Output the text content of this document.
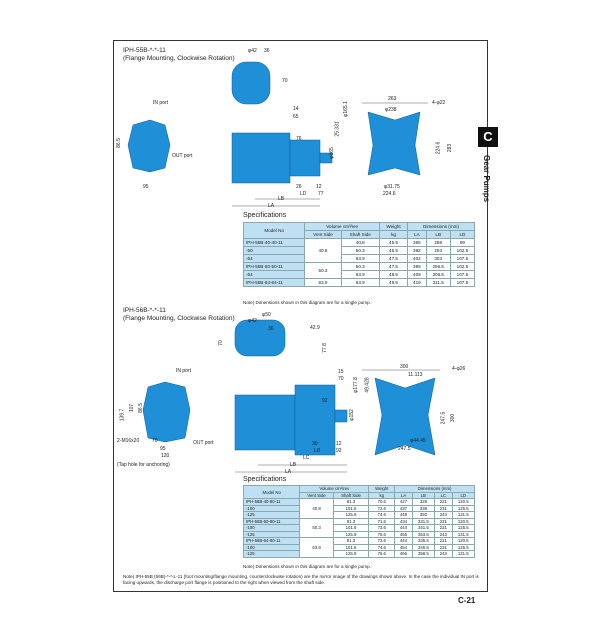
C
Gear Pumps
IPH-55B-*-*-11
(Flange Mounting, Clockwise Rotation)
IN port
OUT port
φ42 36
70
14
65
76
26	12
LD 77
LB
LA
95
86.5
263
4-φ22
φ238
224.6 283
φ31.75
224.6
φ165
25.331
φ165.1
Specifications
Model No	Volume cm³/rev		Weight	Dimensions (mm)		
	Vent Side	Shaft Side	kg	LA	LB	LD
IPH-55B-40-40-11	40.8	40.8	45.5	385	288	99
-50		50.3	46.5	392	293	102.5
-64		63.9	47.5	402	303	107.5
IPH-55B-50-50-11	50.3	50.3	47.5	399	296.5	102.5
-64		63.9	48.5	409	306.5	107.5
IPH-55B-64-64-11	63.9	63.9	49.5	419	311.5	107.5
Note) Dimensions shown in this diagram are for a single pump.
IPH-56B-*-*-11
(Flange Mounting, Clockwise Rotation)
IN port
OUT port
φ42
φ50
36	42.9
77.8
70
15
70
92
30	12
LD	92
LC
LB
LA
107 86.5
139.7
2-M16x20
(Tap hole for anchoring)
70
95
120
300	4-φ26
11.113
247.5 300
φ44.45
247.5
φ152
φ177.8 49.428
Specifications
Model No	Volume cm³/rev		Weight	Dimensions (mm)			
	Vent Side	Shaft Side	kg	LA	LB	LC	LD
IPH-56B-40-80-11	40.8	81.3	70.6	427	328	221	120.5
-100		101.6	72.6	437	338	231	125.5
-125		125.9	74.6	449	350	243	131.5
IPH-56B-50-80-11	50.3	81.3	71.6	434	331.5	221	120.5
-100		101.6	73.6	444	341.5	231	125.5
-125		125.9	75.6	456	353.5	243	131.5
IPH-56B-64-80-11	63.9	81.3	72.6	444	336.5	221	120.5
-100		101.6	74.6	454	346.5	231	125.5
-125		125.9	76.6	466	358.5	243	131.5
Note) Dimensions shown in this diagram are for a single pump.
Note) IPH-55B (56B)-*-*-L-11 (foot mounting/flange mounting, counterclockwise rotation) are the mirror image of the drawings shown above. In the case the individual IN port is facing upwards, the discharge port flange is positioned to the right when viewed from the shaft side.
C-21
